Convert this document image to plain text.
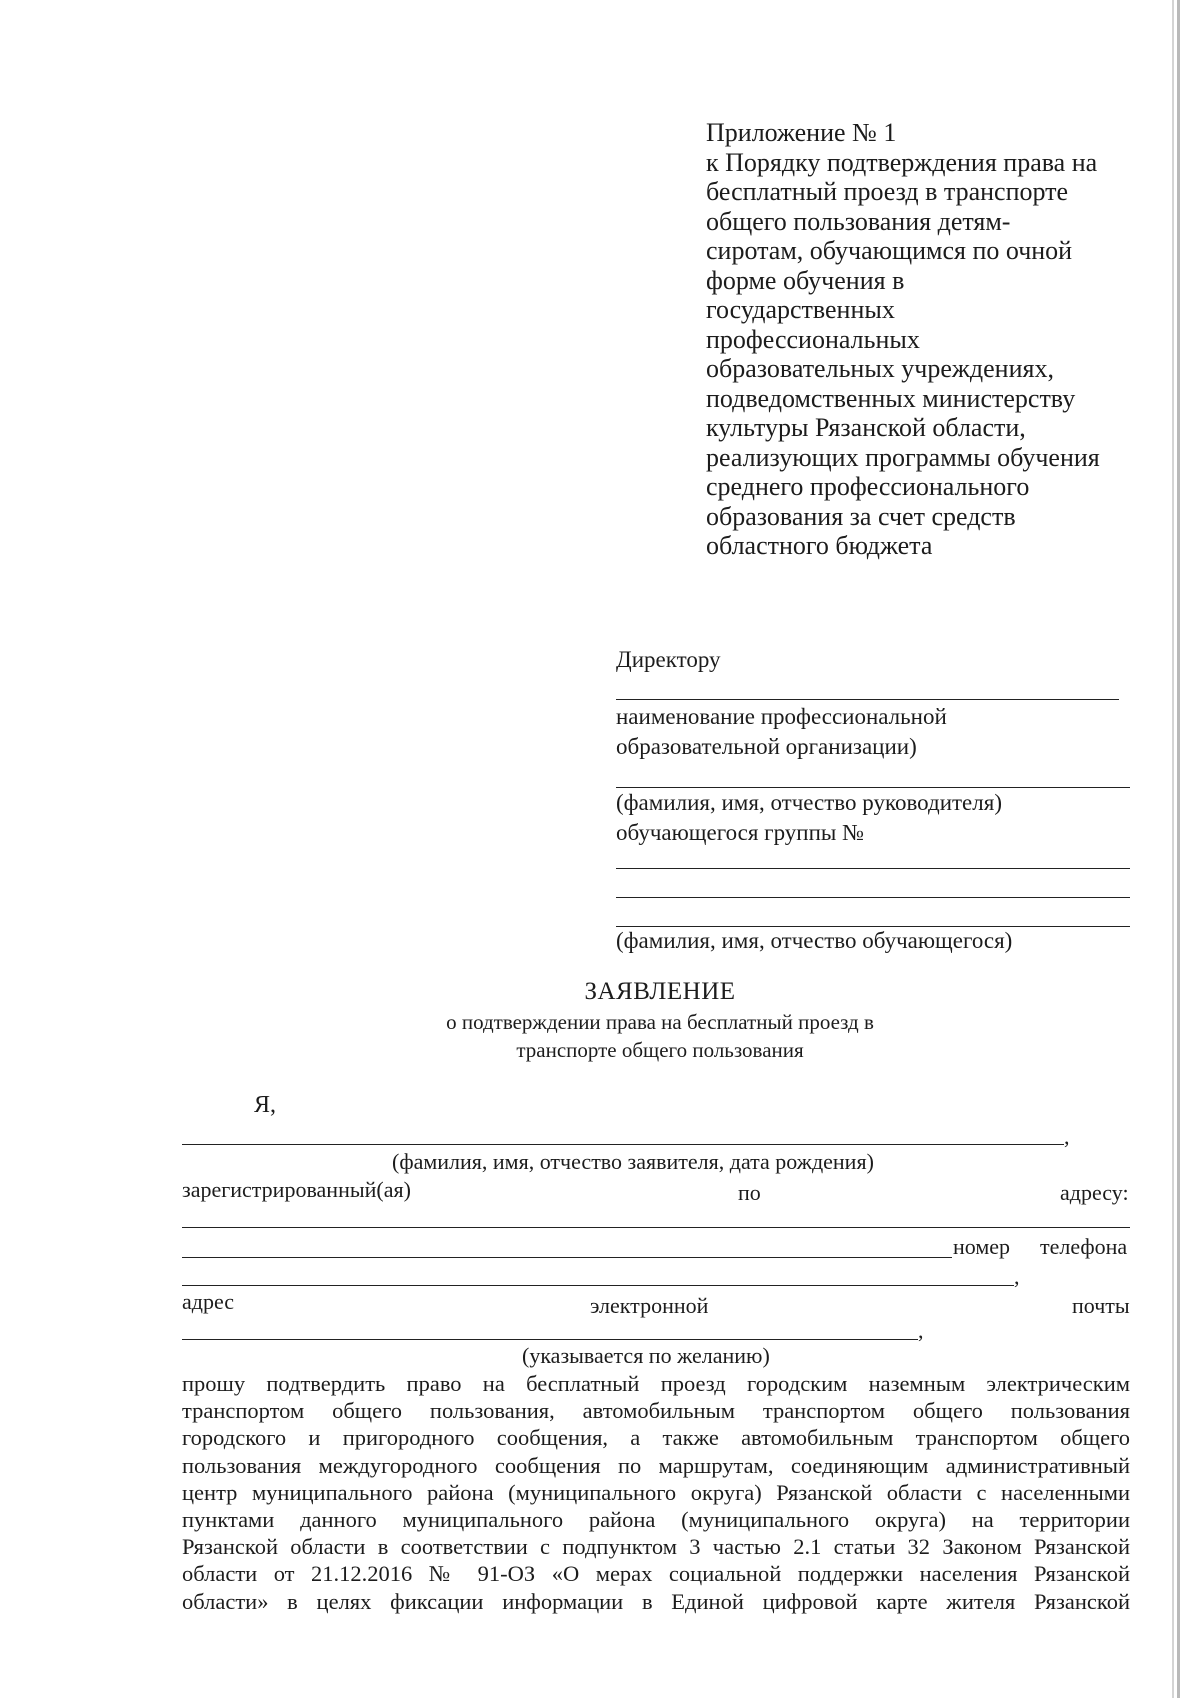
Приложение № 1
к Порядку подтверждения права на
бесплатный проезд в транспорте
общего пользования детям-
сиротам, обучающимся по очной
форме обучения в
государственных
профессиональных
образовательных учреждениях,
подведомственных министерству
культуры Рязанской области,
реализующих программы обучения
среднего профессионального
образования за счет средств
областного бюджета
Директору
наименование профессиональной
образовательной организации)
(фамилия, имя, отчество руководителя)
обучающегося группы №
(фамилия, имя, отчество обучающегося)
ЗАЯВЛЕНИЕ
о подтверждении права на бесплатный проезд в
транспорте общего пользования
Я,
,
(фамилия, имя, отчество заявителя, дата рождения)
зарегистрированный(ая)	по	адресу:
номер телефона
,
адрес	электронной	почты
,
(указывается по желанию)
прошу подтвердить право на бесплатный проезд городским наземным электрическим
транспортом общего пользования, автомобильным транспортом общего пользования
городского и пригородного сообщения, а также автомобильным транспортом общего
пользования междугородного сообщения по маршрутам, соединяющим административный
центр муниципального района (муниципального округа) Рязанской области с населенными
пунктами данного муниципального района (муниципального округа) на территории
Рязанской области в соответствии с подпунктом 3 частью 2.1 статьи 32 Законом Рязанской
области от 21.12.2016 № 91-ОЗ «О мерах социальной поддержки населения Рязанской
области» в целях фиксации информации в Единой цифровой карте жителя Рязанской
